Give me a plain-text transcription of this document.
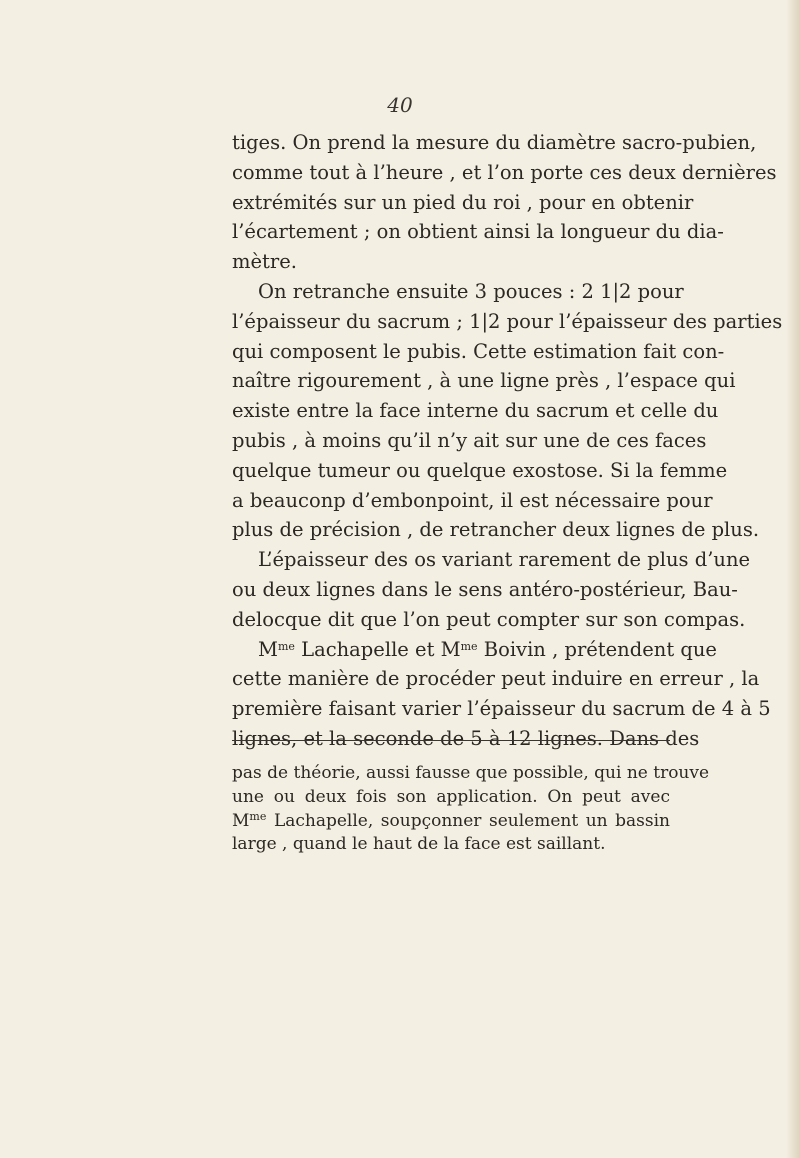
40
tiges. On prend la mesure du diamètre sacro-pubien,
comme tout à l’heure , et l’on porte ces deux dernières
extrémités sur un pied du roi , pour en obtenir
l’écartement ; on obtient ainsi la longueur du dia-
mètre.
On retranche ensuite 3 pouces : 2 1|2 pour
l’épaisseur du sacrum ; 1|2 pour l’épaisseur des parties
qui composent le pubis. Cette estimation fait con-
naître rigourement , à une ligne près , l’espace qui
existe entre la face interne du sacrum et celle du
pubis , à moins qu’il n’y ait sur une de ces faces
quelque tumeur ou quelque exostose. Si la femme
a beauconp d’embonpoint, il est nécessaire pour
plus de précision , de retrancher deux lignes de plus.
L’épaisseur des os variant rarement de plus d’une
ou deux lignes dans le sens antéro-postérieur, Bau-
delocque dit que l’on peut compter sur son compas.
$M^{me}$ Lachapelle et $M^{me}$ Boivin , prétendent que
cette manière de procéder peut induire en erreur , la
première faisant varier l’épaisseur du sacrum de 4 à 5
lignes, et la seconde de 5 à 12 lignes. Dans des
pas de théorie, aussi fausse que possible, qui ne trouve
une ou deux fois son application. On peut avec
$M^{me}$ Lachapelle, soupçonner seulement un bassin
large , quand le haut de la face est saillant.
